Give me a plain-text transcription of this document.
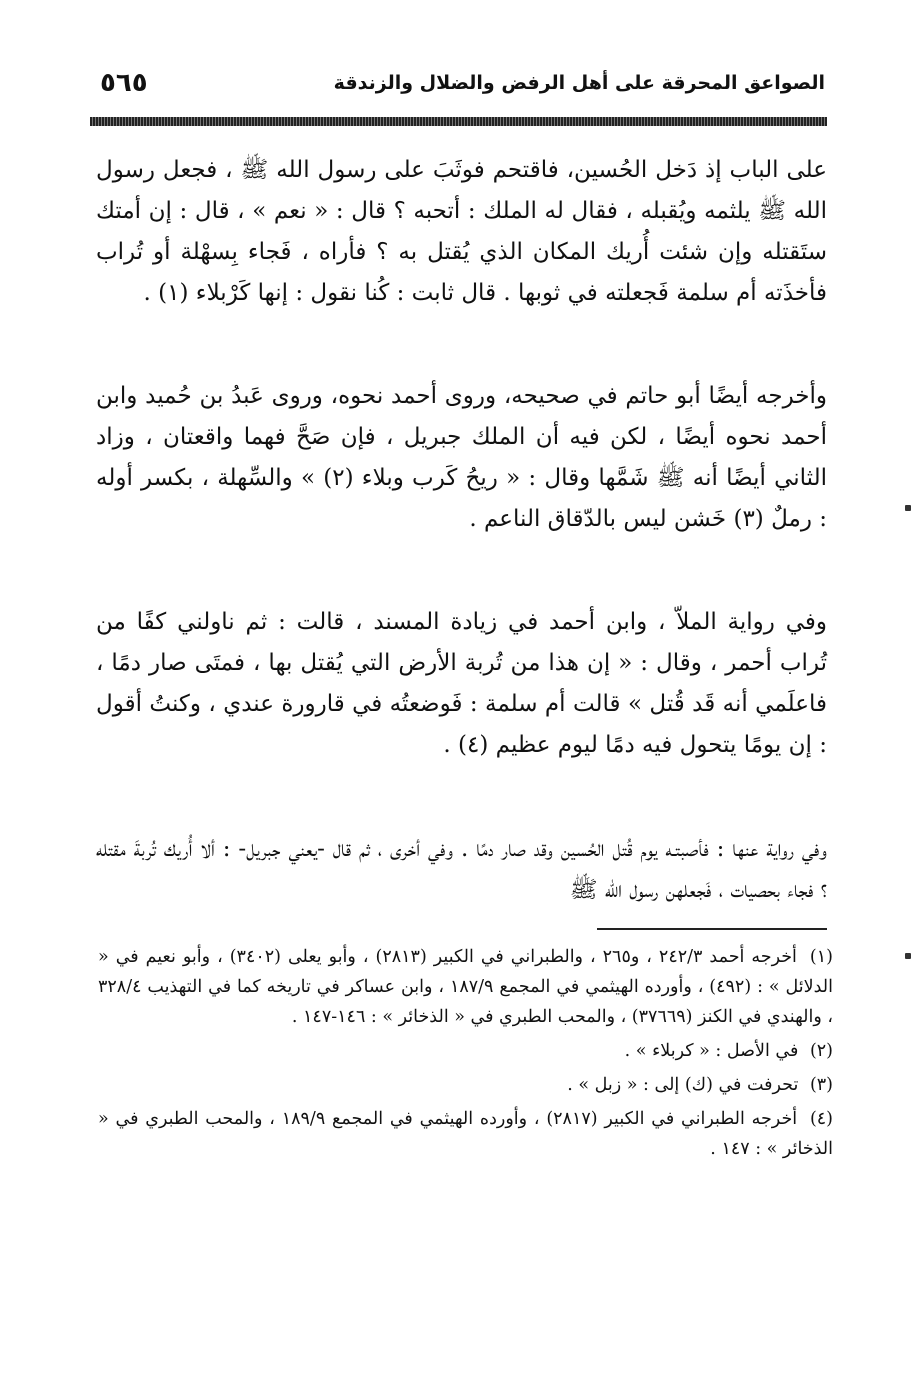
٥٦٥	الصواعق المحرقة على أهل الرفض والضلال والزندقة

على الباب إذ دَخل الحُسين، فاقتحم فوثَبَ على رسول الله ﷺ ، فجعل رسول الله ﷺ يلثمه ويُقبله ، فقال له الملك : أتحبه ؟ قال : « نعم » ، قال : إن أمتك ستَقتله وإن شئت أُريك المكان الذي يُقتل به ؟ فأراه ، فَجاء بِسهْلة أو تُراب فأخذَته أم سلمة فَجعلته في ثوبها . قال ثابت : كُنا نقول : إنها كَرْبلاء (١) .

وأخرجه أيضًا أبو حاتم في صحيحه، وروى أحمد نحوه، وروى عَبدُ بن حُميد وابن أحمد نحوه أيضًا ، لكن فيه أن الملك جبريل ، فإن صَحَّ فهما واقعتان ، وزاد الثاني أيضًا أنه ﷺ شَمَّها وقال : « ريحُ كَرب وبلاء (٢) » والسِّهلة ، بكسر أوله : رملٌ (٣) خَشن ليس بالدّقاق الناعم .

وفي رواية الملاّ ، وابن أحمد في زيادة المسند ، قالت : ثم ناولني كفًا من تُراب أحمر ، وقال : « إن هذا من تُربة الأرض التي يُقتل بها ، فمتَى صار دمًا ، فاعلَمي أنه قَد قُتل » قالت أم سلمة : فَوضعتُه في قارورة عندي ، وكنتُ أقول : إن يومًا يتحول فيه دمًا ليوم عظيم (٤) .

وفي رواية عنها : فأصبتـه يوم قُتل الحُسين وقد صار دمًا . وفي أخرى ، ثم قال -يعني جبريل- : ألا أُريك تُربةَ مقتله ؟ فجاء بحصيات ، فَجعلهن رسول الله ﷺ

(١) أخرجه أحمد ٢٤٢/٣ ، و٢٦٥ ، والطبراني في الكبير (٢٨١٣) ، وأبو يعلى (٣٤٠٢) ، وأبو نعيم في « الدلائل » : (٤٩٢) ، وأورده الهيثمي في المجمع ١٨٧/٩ ، وابن عساكر في تاريخه كما في التهذيب ٣٢٨/٤ ، والهندي في الكنز (٣٧٦٦٩) ، والمحب الطبري في « الذخائر » : ١٤٦-١٤٧ .

(٢) في الأصل : « كربلاء » .

(٣) تحرفت في (ك) إلى : « زبل » .

(٤) أخرجه الطبراني في الكبير (٢٨١٧) ، وأورده الهيثمي في المجمع ١٨٩/٩ ، والمحب الطبري في « الذخائر » : ١٤٧ .
